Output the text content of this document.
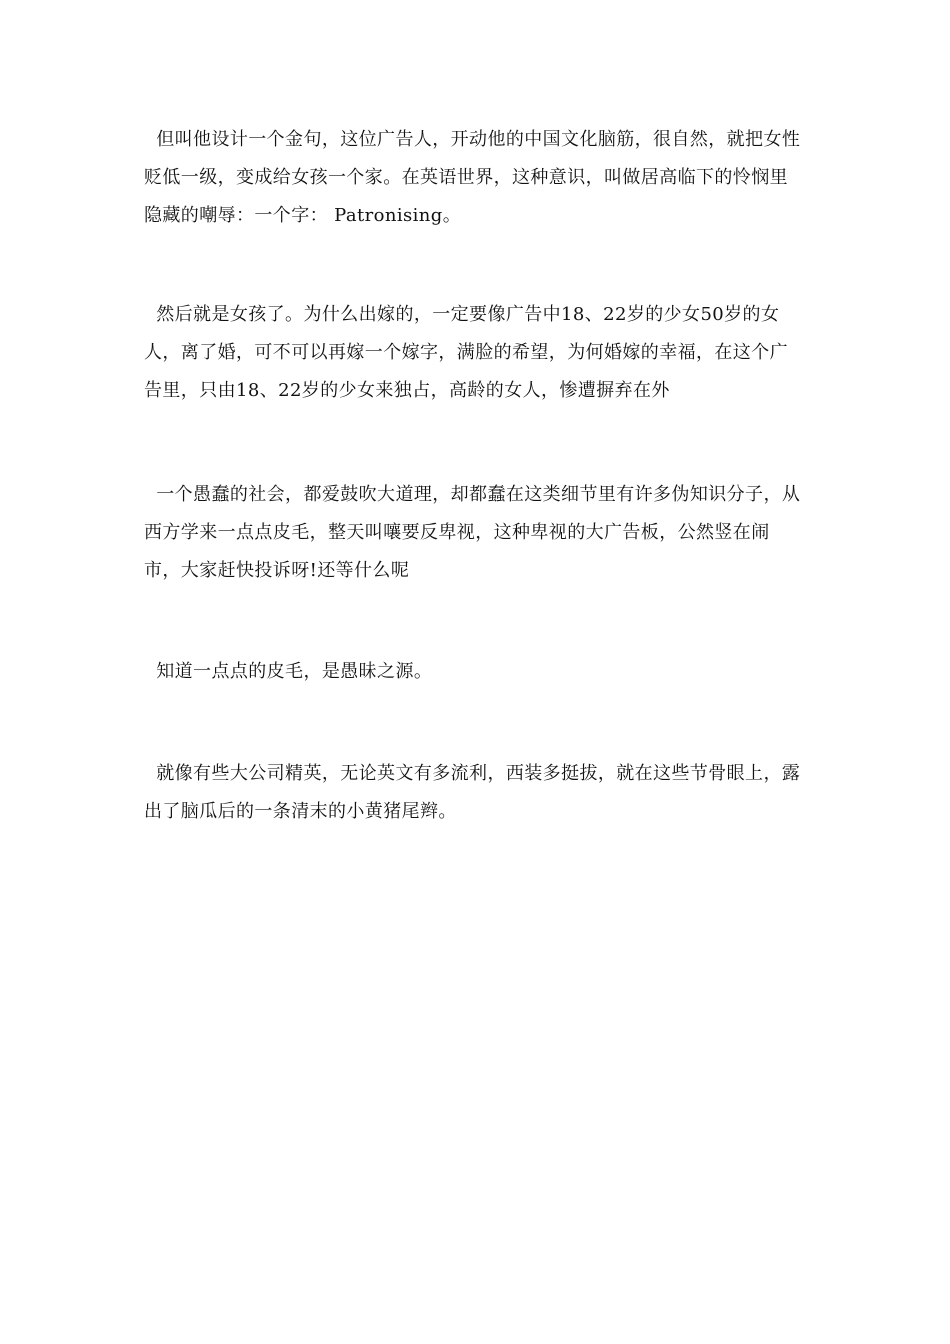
但叫他设计一个金句，这位广告人，开动他的中国文化脑筋，很自然，就把女性贬低一级，变成给女孩一个家。在英语世界，这种意识，叫做居高临下的怜悯里隐藏的嘲辱：一个字： Patronising。

然后就是女孩了。为什么出嫁的，一定要像广告中18、22岁的少女50岁的女人，离了婚，可不可以再嫁一个嫁字，满脸的希望，为何婚嫁的幸福，在这个广告里，只由18、22岁的少女来独占，高龄的女人，惨遭摒弃在外

一个愚蠢的社会，都爱鼓吹大道理，却都蠢在这类细节里有许多伪知识分子，从西方学来一点点皮毛，整天叫嚷要反卑视，这种卑视的大广告板，公然竖在闹市，大家赶快投诉呀!还等什么呢

知道一点点的皮毛，是愚昧之源。

就像有些大公司精英，无论英文有多流利，西装多挺拔，就在这些节骨眼上，露出了脑瓜后的一条清末的小黄猪尾辫。
